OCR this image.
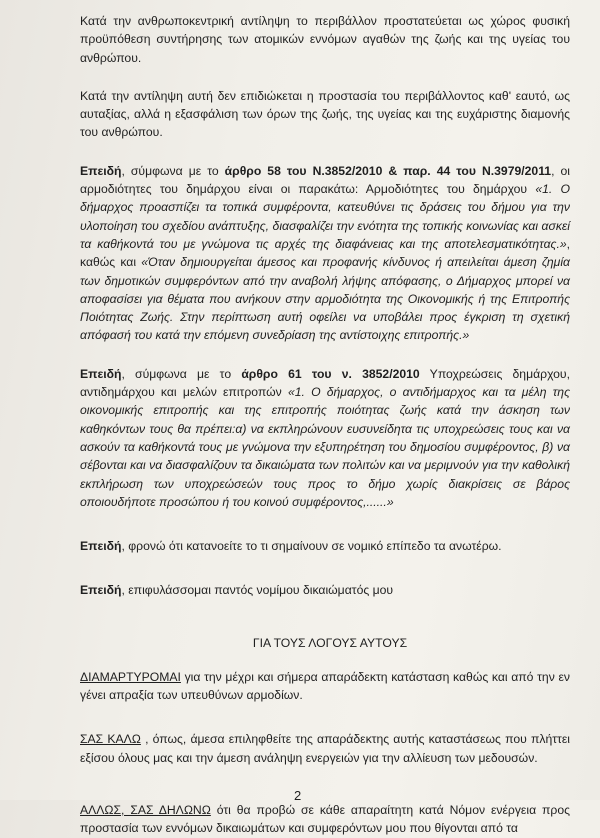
Κατά την ανθρωποκεντρική αντίληψη το περιβάλλον προστατεύεται ως χώρος φυσική προϋπόθεση συντήρησης των ατομικών εννόμων αγαθών της ζωής και της υγείας του ανθρώπου.

Κατά την αντίληψη αυτή δεν επιδιώκεται η προστασία του περιβάλλοντος καθ' εαυτό, ως αυταξίας, αλλά η εξασφάλιση των όρων της ζωής, της υγείας και της ευχάριστης διαμονής του ανθρώπου.

Επειδή, σύμφωνα με το άρθρο 58 του Ν.3852/2010 & παρ. 44 του Ν.3979/2011, οι αρμοδιότητες του δημάρχου είναι οι παρακάτω: Αρμοδιότητες του δημάρχου «1. Ο δήμαρχος προασπίζει τα τοπικά συμφέροντα, κατευθύνει τις δράσεις του δήμου για την υλοποίηση του σχεδίου ανάπτυξης, διασφαλίζει την ενότητα της τοπικής κοινωνίας και ασκεί τα καθήκοντά του με γνώμονα τις αρχές της διαφάνειας και της αποτελεσματικότητας.», καθώς και «Όταν δημιουργείται άμεσος και προφανής κίνδυνος ή απειλείται άμεση ζημία των δημοτικών συμφερόντων από την αναβολή λήψης απόφασης, ο Δήμαρχος μπορεί να αποφασίσει για θέματα που ανήκουν στην αρμοδιότητα της Οικονομικής ή της Επιτροπής Ποιότητας Ζωής. Στην περίπτωση αυτή οφείλει να υποβάλει προς έγκριση τη σχετική απόφασή του κατά την επόμενη συνεδρίαση της αντίστοιχης επιτροπής.»

Επειδή, σύμφωνα με το άρθρο 61 του ν. 3852/2010 Υποχρεώσεις δημάρχου, αντιδημάρχου και μελών επιτροπών «1. Ο δήμαρχος, ο αντιδήμαρχος και τα μέλη της οικονομικής επιτροπής και της επιτροπής ποιότητας ζωής κατά την άσκηση των καθηκόντων τους θα πρέπει:α) να εκπληρώνουν ευσυνείδητα τις υποχρεώσεις τους και να ασκούν τα καθήκοντά τους με γνώμονα την εξυπηρέτηση του δημοσίου συμφέροντος, β) να σέβονται και να διασφαλίζουν τα δικαιώματα των πολιτών και να μεριμνούν για την καθολική εκπλήρωση των υποχρεώσεών τους προς το δήμο χωρίς διακρίσεις σε βάρος οποιουδήποτε προσώπου ή του κοινού συμφέροντος,......»

Επειδή, φρονώ ότι κατανοείτε το τι σημαίνουν σε νομικό επίπεδο τα ανωτέρω.

Επειδή, επιφυλάσσομαι παντός νομίμου δικαιώματός μου

ΓΙΑ ΤΟΥΣ ΛΟΓΟΥΣ ΑΥΤΟΥΣ

ΔΙΑΜΑΡΤΥΡΟΜΑΙ για την μέχρι και σήμερα απαράδεκτη κατάσταση καθώς και από την εν γένει απραξία των υπευθύνων αρμοδίων.

ΣΑΣ ΚΑΛΩ , όπως, άμεσα επιληφθείτε της απαράδεκτης αυτής καταστάσεως που πλήττει εξίσου όλους μας και την άμεση ανάληψη ενεργειών για την αλλίευση των μεδουσών.

ΑΛΛΩΣ, ΣΑΣ ΔΗΛΩΝΩ ότι θα προβώ σε κάθε απαραίτητη κατά Νόμον ενέργεια προς προστασία των εννόμων δικαιωμάτων και συμφερόντων μου που θίγονται από τα

2
